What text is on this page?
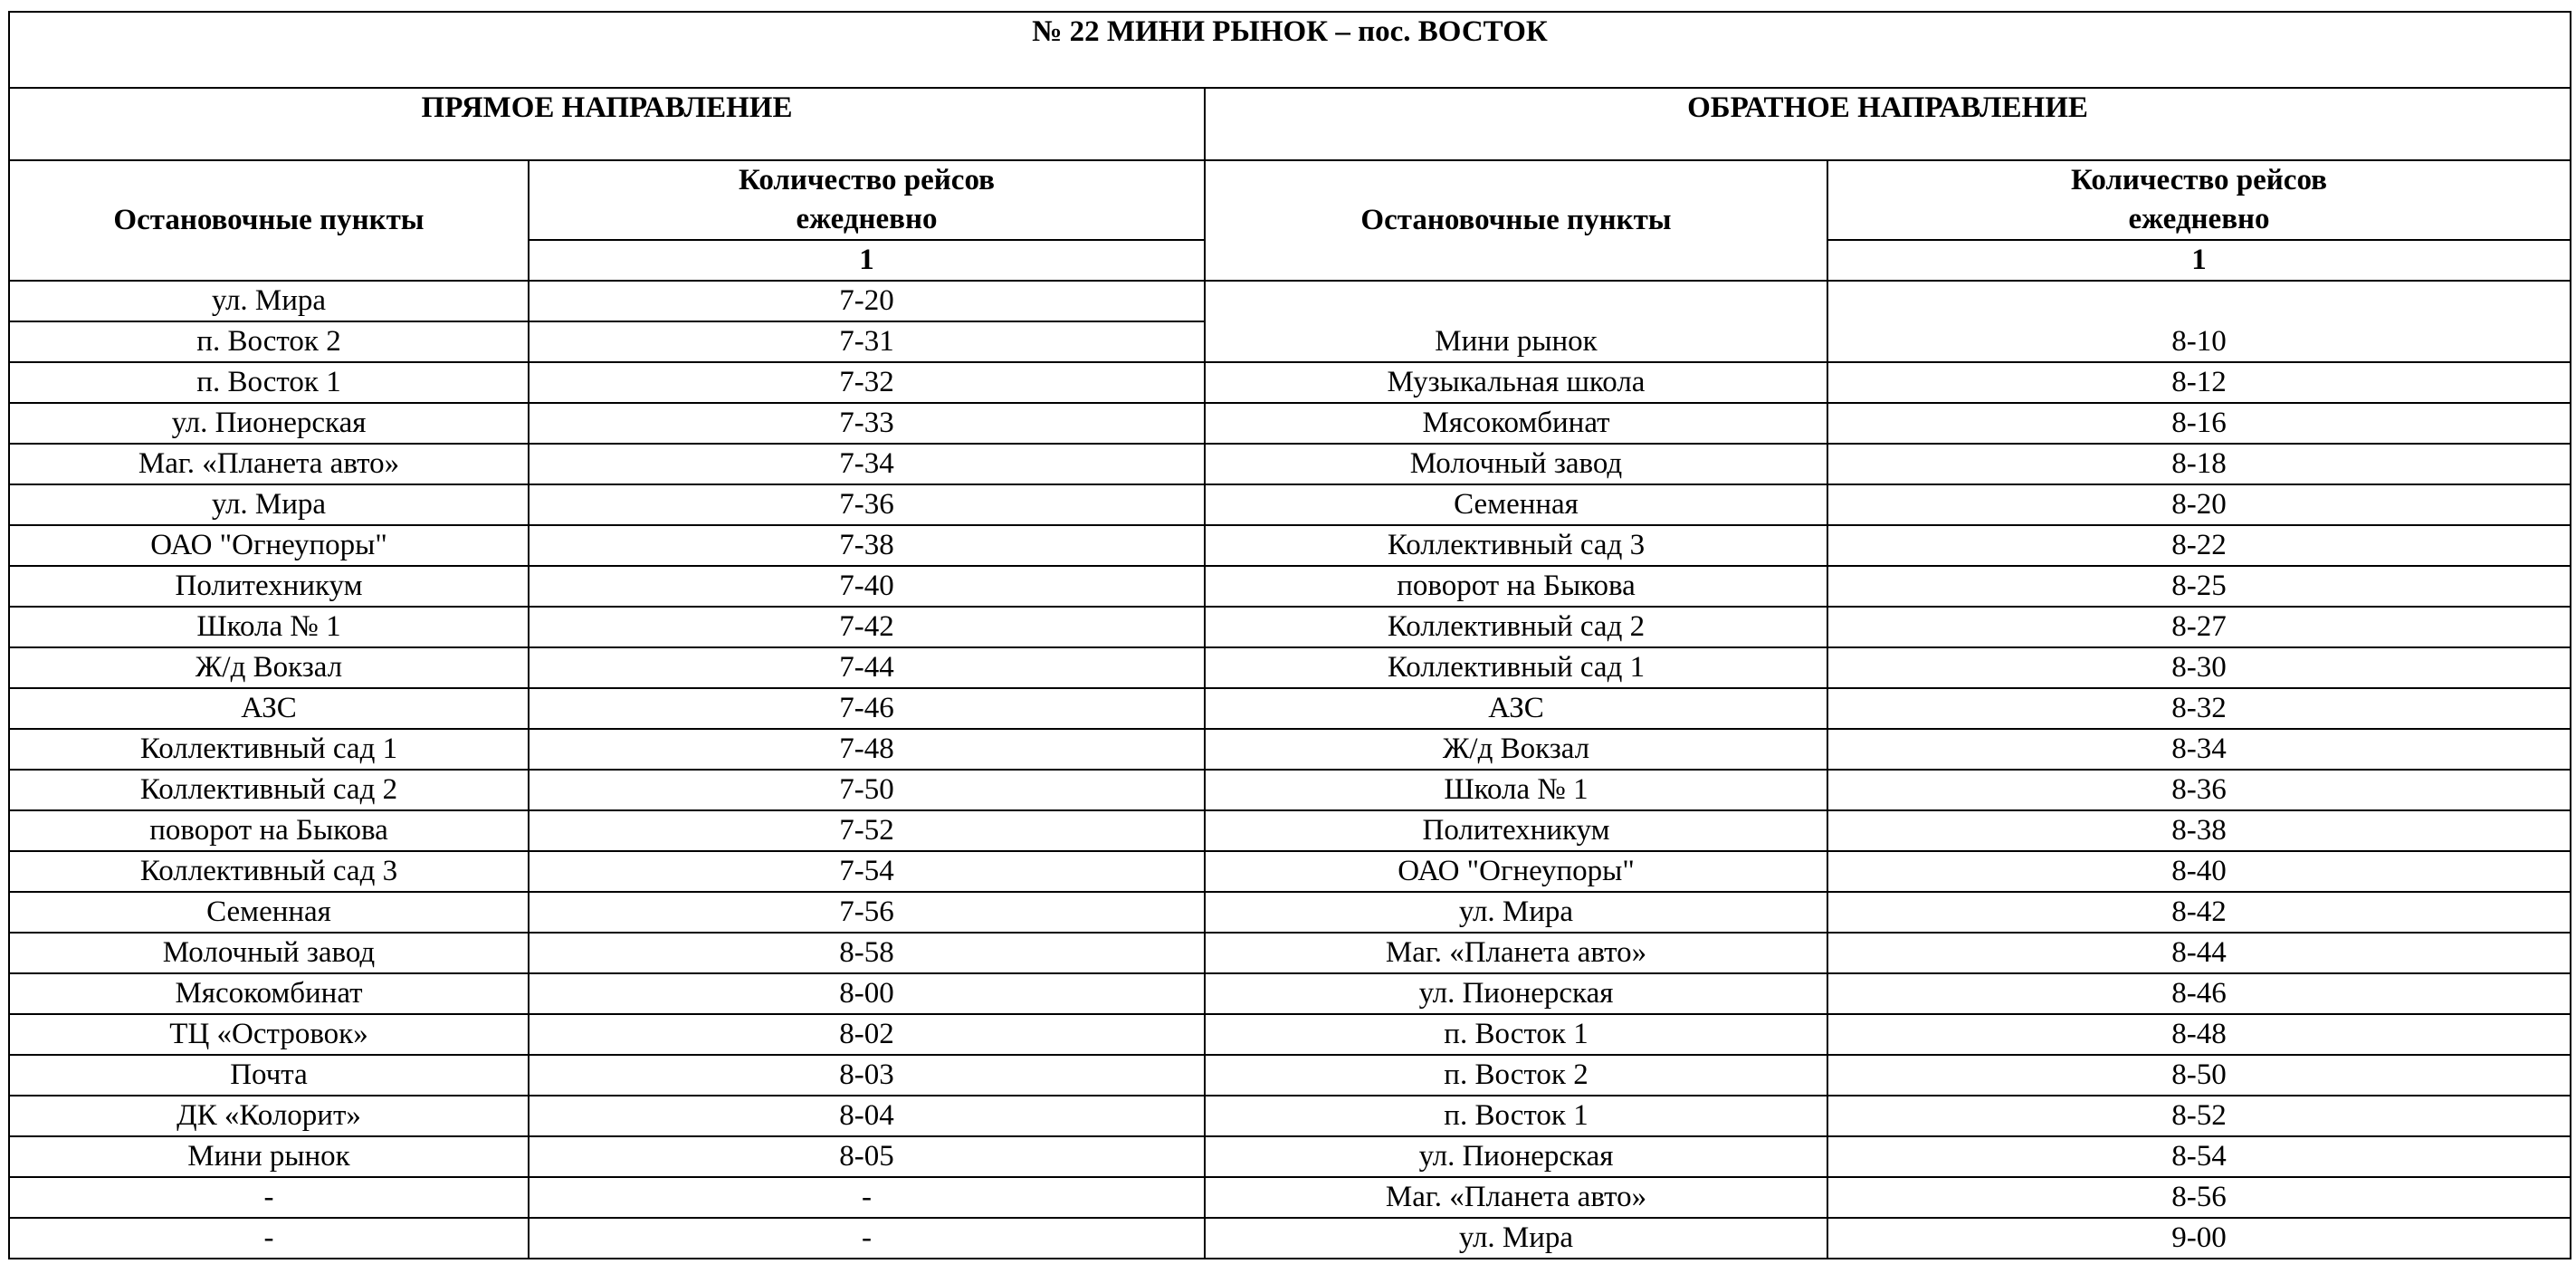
№ 22 МИНИ РЫНОК – пос. ВОСТОК			
ПРЯМОЕ НАПРАВЛЕНИЕ		ОБРАТНОЕ НАПРАВЛЕНИЕ	
Остановочные пункты	Количество рейсов ежедневно	Остановочные пункты	Количество рейсов ежедневно
	1		1
ул. Мира	7-20	Мини рынок	8-10
п. Восток 2	7-31		
п. Восток 1	7-32	Музыкальная школа	8-12
ул. Пионерская	7-33	Мясокомбинат	8-16
Маг. «Планета авто»	7-34	Молочный завод	8-18
ул. Мира	7-36	Семенная	8-20
ОАО "Огнеупоры"	7-38	Коллективный сад 3	8-22
Политехникум	7-40	поворот на Быкова	8-25
Школа № 1	7-42	Коллективный сад 2	8-27
Ж/д Вокзал	7-44	Коллективный сад 1	8-30
АЗС	7-46	АЗС	8-32
Коллективный сад 1	7-48	Ж/д Вокзал	8-34
Коллективный сад 2	7-50	Школа № 1	8-36
поворот на Быкова	7-52	Политехникум	8-38
Коллективный сад 3	7-54	ОАО "Огнеупоры"	8-40
Семенная	7-56	ул. Мира	8-42
Молочный завод	8-58	Маг. «Планета авто»	8-44
Мясокомбинат	8-00	ул. Пионерская	8-46
ТЦ «Островок»	8-02	п. Восток 1	8-48
Почта	8-03	п. Восток 2	8-50
ДК «Колорит»	8-04	п. Восток 1	8-52
Мини рынок	8-05	ул. Пионерская	8-54
-	-	Маг. «Планета авто»	8-56
-	-	ул. Мира	9-00
